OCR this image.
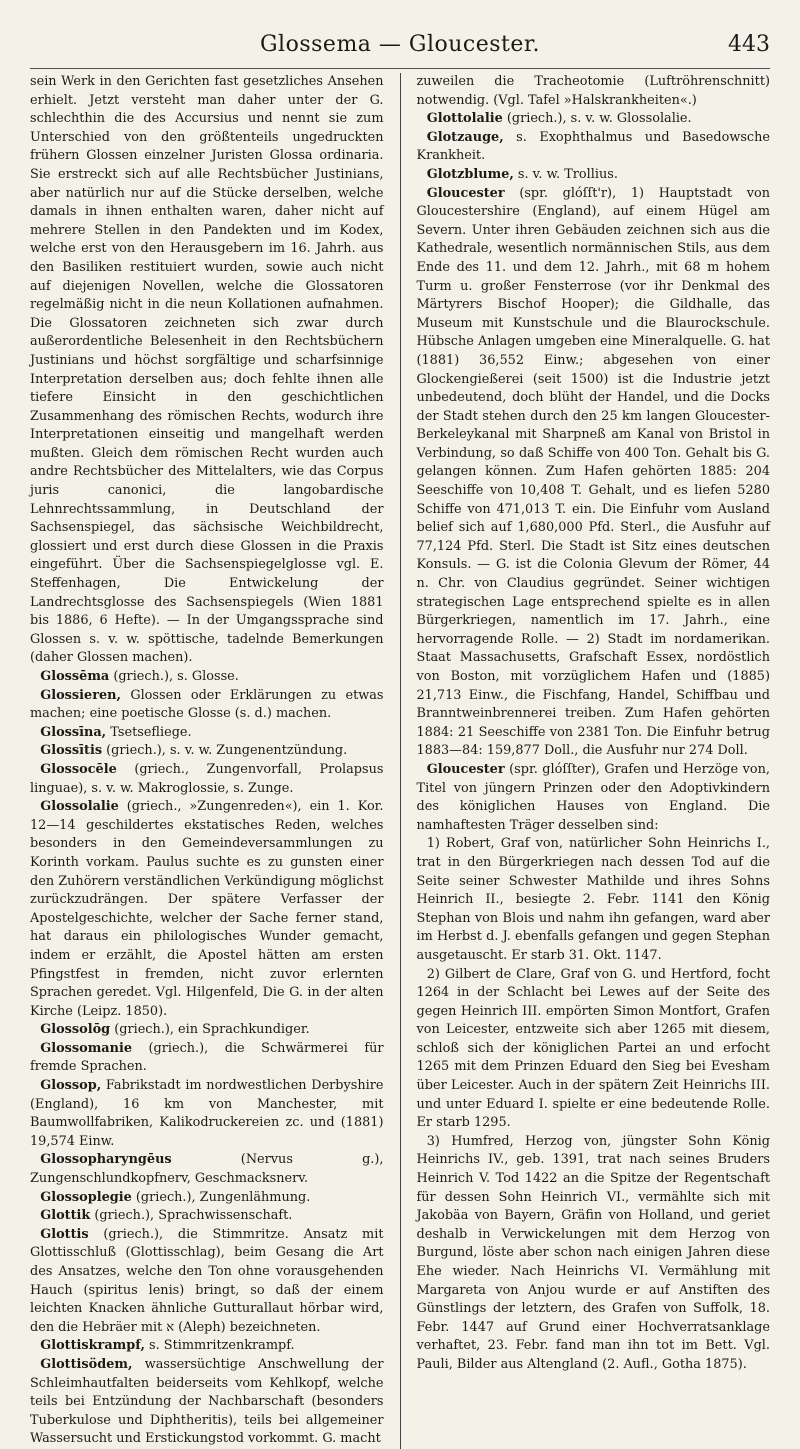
Glossema — Gloucester.	443

sein Werk in den Gerichten fast gesetzliches Ansehen erhielt. Jetzt versteht man daher unter der G. schlechthin die des Accursius und nennt sie zum Unterschied von den größtenteils ungedruckten frühern Glossen einzelner Juristen Glossa ordinaria. Sie erstreckt sich auf alle Rechtsbücher Justinians, aber natürlich nur auf die Stücke derselben, welche damals in ihnen enthalten waren, daher nicht auf mehrere Stellen in den Pandekten und im Kodex, welche erst von den Herausgebern im 16. Jahrh. aus den Basiliken restituiert wurden, sowie auch nicht auf diejenigen Novellen, welche die Glossatoren regelmäßig nicht in die neun Kollationen aufnahmen. Die Glossatoren zeichneten sich zwar durch außerordentliche Belesenheit in den Rechtsbüchern Justinians und höchst sorgfältige und scharfsinnige Interpretation derselben aus; doch fehlte ihnen alle tiefere Einsicht in den geschichtlichen Zusammenhang des römischen Rechts, wodurch ihre Interpretationen einseitig und mangelhaft werden mußten. Gleich dem römischen Recht wurden auch andre Rechtsbücher des Mittelalters, wie das Corpus juris canonici, die langobardische Lehnrechtssammlung, in Deutschland der Sachsenspiegel, das sächsische Weichbildrecht, glossiert und erst durch diese Glossen in die Praxis eingeführt. Über die Sachsenspiegelglosse vgl. E. Steffenhagen, Die Entwickelung der Landrechtsglosse des Sachsenspiegels (Wien 1881 bis 1886, 6 Hefte). — In der Umgangssprache sind Glossen s. v. w. spöttische, tadelnde Bemerkungen (daher Glossen machen).

Glossēma (griech.), s. Glosse.

Glossieren, Glossen oder Erklärungen zu etwas machen; eine poetische Glosse (s. d.) machen.

Glossīna, Tsetsefliege.

Glossītis (griech.), s. v. w. Zungenentzündung.

Glossocēle (griech., Zungenvorfall, Prolapsus linguae), s. v. w. Makroglossie, s. Zunge.

Glossolalie (griech., »Zungenreden«), ein 1. Kor. 12—14 geschildertes ekstatisches Reden, welches besonders in den Gemeindeversammlungen zu Korinth vorkam. Paulus suchte es zu gunsten einer den Zuhörern verständlichen Verkündigung möglichst zurückzudrängen. Der spätere Verfasser der Apostelgeschichte, welcher der Sache ferner stand, hat daraus ein philologisches Wunder gemacht, indem er erzählt, die Apostel hätten am ersten Pfingstfest in fremden, nicht zuvor erlernten Sprachen geredet. Vgl. Hilgenfeld, Die G. in der alten Kirche (Leipz. 1850).

Glossolōg (griech.), ein Sprachkundiger.

Glossomanie (griech.), die Schwärmerei für fremde Sprachen.

Glossop, Fabrikstadt im nordwestlichen Derbyshire (England), 16 km von Manchester, mit Baumwollfabriken, Kalikodruckereien zc. und (1881) 19,574 Einw.

Glossopharyngēus (Nervus g.), Zungenschlundkopfnerv, Geschmacksnerv.

Glossoplegie (griech.), Zungenlähmung.

Glottik (griech.), Sprachwissenschaft.

Glottis (griech.), die Stimmritze. Ansatz mit Glottisschluß (Glottisschlag), beim Gesang die Art des Ansatzes, welche den Ton ohne vorausgehenden Hauch (spiritus lenis) bringt, so daß der einem leichten Knacken ähnliche Gutturallaut hörbar wird, den die Hebräer mit א (Aleph) bezeichneten.

Glottiskrampf, s. Stimmritzenkrampf.

Glottisödem, wassersüchtige Anschwellung der Schleimhautfalten beiderseits vom Kehlkopf, welche teils bei Entzündung der Nachbarschaft (besonders Tuberkulose und Diphtheritis), teils bei allgemeiner Wassersucht und Erstickungstod vorkommt. G. macht

zuweilen die Tracheotomie (Luftröhrenschnitt) notwendig. (Vgl. Tafel »Halskrankheiten«.)

Glottolalie (griech.), s. v. w. Glossolalie.

Glotzauge, s. Exophthalmus und Basedowsche Krankheit.

Glotzblume, s. v. w. Trollius.

Gloucester (spr. glóſſt'r), 1) Hauptstadt von Gloucestershire (England), auf einem Hügel am Severn. Unter ihren Gebäuden zeichnen sich aus die Kathedrale, wesentlich normännischen Stils, aus dem Ende des 11. und dem 12. Jahrh., mit 68 m hohem Turm u. großer Fensterrose (vor ihr Denkmal des Märtyrers Bischof Hooper); die Gildhalle, das Museum mit Kunstschule und die Blaurockschule. Hübsche Anlagen umgeben eine Mineralquelle. G. hat (1881) 36,552 Einw.; abgesehen von einer Glockengießerei (seit 1500) ist die Industrie jetzt unbedeutend, doch blüht der Handel, und die Docks der Stadt stehen durch den 25 km langen Gloucester-Berkeleykanal mit Sharpneß am Kanal von Bristol in Verbindung, so daß Schiffe von 400 Ton. Gehalt bis G. gelangen können. Zum Hafen gehörten 1885: 204 Seeschiffe von 10,408 T. Gehalt, und es liefen 5280 Schiffe von 471,013 T. ein. Die Einfuhr vom Ausland belief sich auf 1,680,000 Pfd. Sterl., die Ausfuhr auf 77,124 Pfd. Sterl. Die Stadt ist Sitz eines deutschen Konsuls. — G. ist die Colonia Glevum der Römer, 44 n. Chr. von Claudius gegründet. Seiner wichtigen strategischen Lage entsprechend spielte es in allen Bürgerkriegen, namentlich im 17. Jahrh., eine hervorragende Rolle. — 2) Stadt im nordamerikan. Staat Massachusetts, Grafschaft Essex, nordöstlich von Boston, mit vorzüglichem Hafen und (1885) 21,713 Einw., die Fischfang, Handel, Schiffbau und Branntweinbrennerei treiben. Zum Hafen gehörten 1884: 21 Seeschiffe von 2381 Ton. Die Einfuhr betrug 1883—84: 159,877 Doll., die Ausfuhr nur 274 Doll.

Gloucester (spr. glóſſter), Grafen und Herzöge von, Titel von jüngern Prinzen oder den Adoptivkindern des königlichen Hauses von England. Die namhaftesten Träger desselben sind:

1) Robert, Graf von, natürlicher Sohn Heinrichs I., trat in den Bürgerkriegen nach dessen Tod auf die Seite seiner Schwester Mathilde und ihres Sohns Heinrich II., besiegte 2. Febr. 1141 den König Stephan von Blois und nahm ihn gefangen, ward aber im Herbst d. J. ebenfalls gefangen und gegen Stephan ausgetauscht. Er starb 31. Okt. 1147.

2) Gilbert de Clare, Graf von G. und Hertford, focht 1264 in der Schlacht bei Lewes auf der Seite des gegen Heinrich III. empörten Simon Montfort, Grafen von Leicester, entzweite sich aber 1265 mit diesem, schloß sich der königlichen Partei an und erfocht 1265 mit dem Prinzen Eduard den Sieg bei Evesham über Leicester. Auch in der spätern Zeit Heinrichs III. und unter Eduard I. spielte er eine bedeutende Rolle. Er starb 1295.

3) Humfred, Herzog von, jüngster Sohn König Heinrichs IV., geb. 1391, trat nach seines Bruders Heinrich V. Tod 1422 an die Spitze der Regentschaft für dessen Sohn Heinrich VI., vermählte sich mit Jakobäa von Bayern, Gräfin von Holland, und geriet deshalb in Verwickelungen mit dem Herzog von Burgund, löste aber schon nach einigen Jahren diese Ehe wieder. Nach Heinrichs VI. Vermählung mit Margareta von Anjou wurde er auf Anstiften des Günstlings der letztern, des Grafen von Suffolk, 18. Febr. 1447 auf Grund einer Hochverratsanklage verhaftet, 23. Febr. fand man ihn tot im Bett. Vgl. Pauli, Bilder aus Altengland (2. Aufl., Gotha 1875).
